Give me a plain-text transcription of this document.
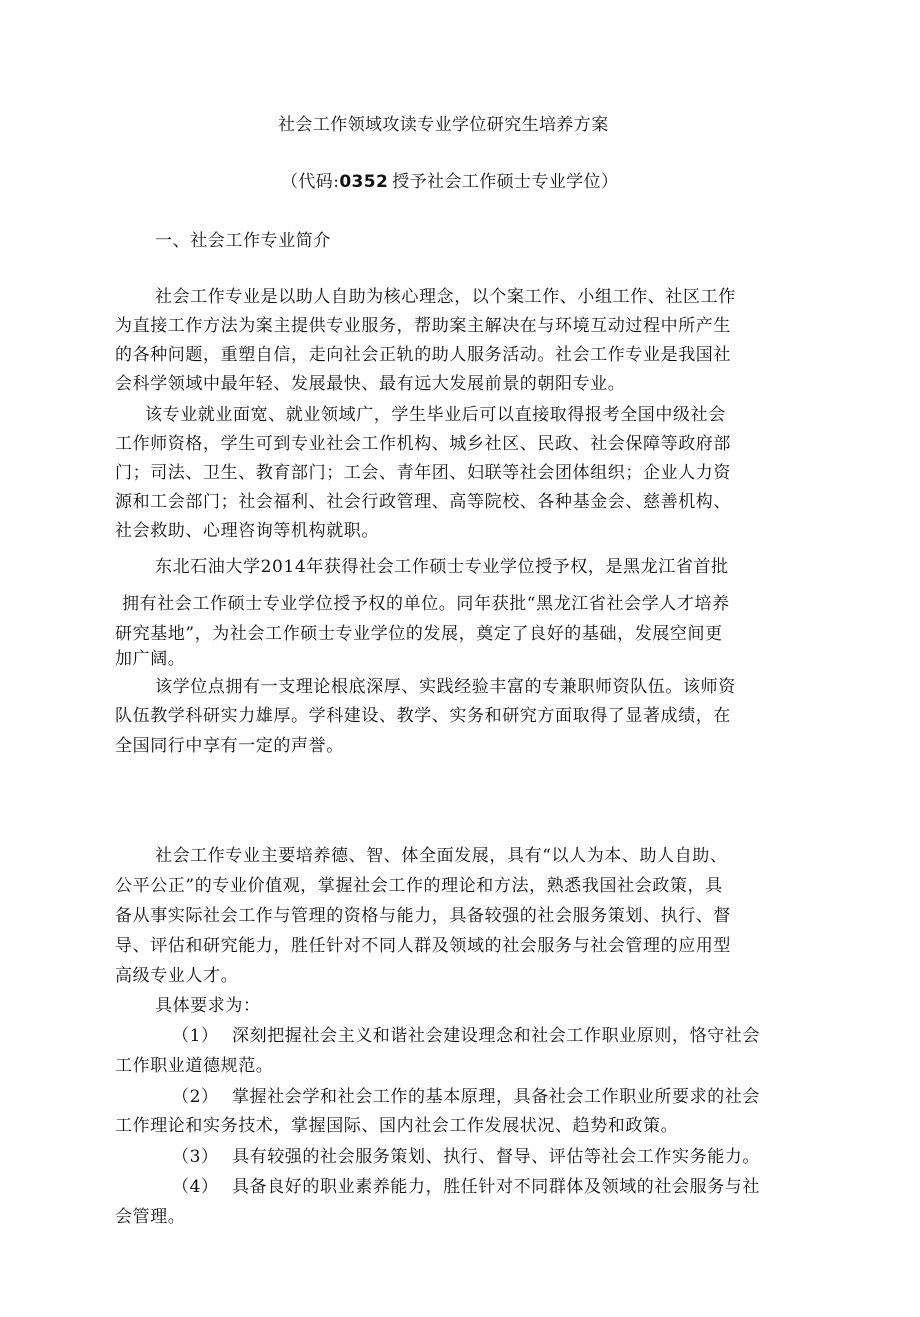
社会工作领域攻读专业学位研究生培养方案
（代码:0352 授予社会工作硕士专业学位）
一、社会工作专业简介
社会工作专业是以助人自助为核心理念，以个案工作、小组工作、社区工作
为直接工作方法为案主提供专业服务，帮助案主解决在与环境互动过程中所产生
的各种问题，重塑自信，走向社会正轨的助人服务活动。社会工作专业是我国社
会科学领域中最年轻、发展最快、最有远大发展前景的朝阳专业。
该专业就业面宽、就业领域广，学生毕业后可以直接取得报考全国中级社会
工作师资格，学生可到专业社会工作机构、城乡社区、民政、社会保障等政府部
门；司法、卫生、教育部门；工会、青年团、妇联等社会团体组织；企业人力资
源和工会部门；社会福利、社会行政管理、高等院校、各种基金会、慈善机构、
社会救助、心理咨询等机构就职。
东北石油大学2014年获得社会工作硕士专业学位授予权，是黑龙江省首批
拥有社会工作硕士专业学位授予权的单位。同年获批“黑龙江省社会学人才培养
研究基地”，为社会工作硕士专业学位的发展，奠定了良好的基础，发展空间更
加广阔。
该学位点拥有一支理论根底深厚、实践经验丰富的专兼职师资队伍。该师资
队伍教学科研实力雄厚。学科建设、教学、实务和研究方面取得了显著成绩，在
全国同行中享有一定的声誉。
社会工作专业主要培养德、智、体全面发展，具有“以人为本、助人自助、
公平公正”的专业价值观，掌握社会工作的理论和方法，熟悉我国社会政策，具
备从事实际社会工作与管理的资格与能力，具备较强的社会服务策划、执行、督
导、评估和研究能力，胜任针对不同人群及领域的社会服务与社会管理的应用型
高级专业人才。
具体要求为：
（1） 深刻把握社会主义和谐社会建设理念和社会工作职业原则，恪守社会
工作职业道德规范。
（2） 掌握社会学和社会工作的基本原理，具备社会工作职业所要求的社会
工作理论和实务技术，掌握国际、国内社会工作发展状况、趋势和政策。
（3） 具有较强的社会服务策划、执行、督导、评估等社会工作实务能力。
（4） 具备良好的职业素养能力，胜任针对不同群体及领域的社会服务与社
会管理。
